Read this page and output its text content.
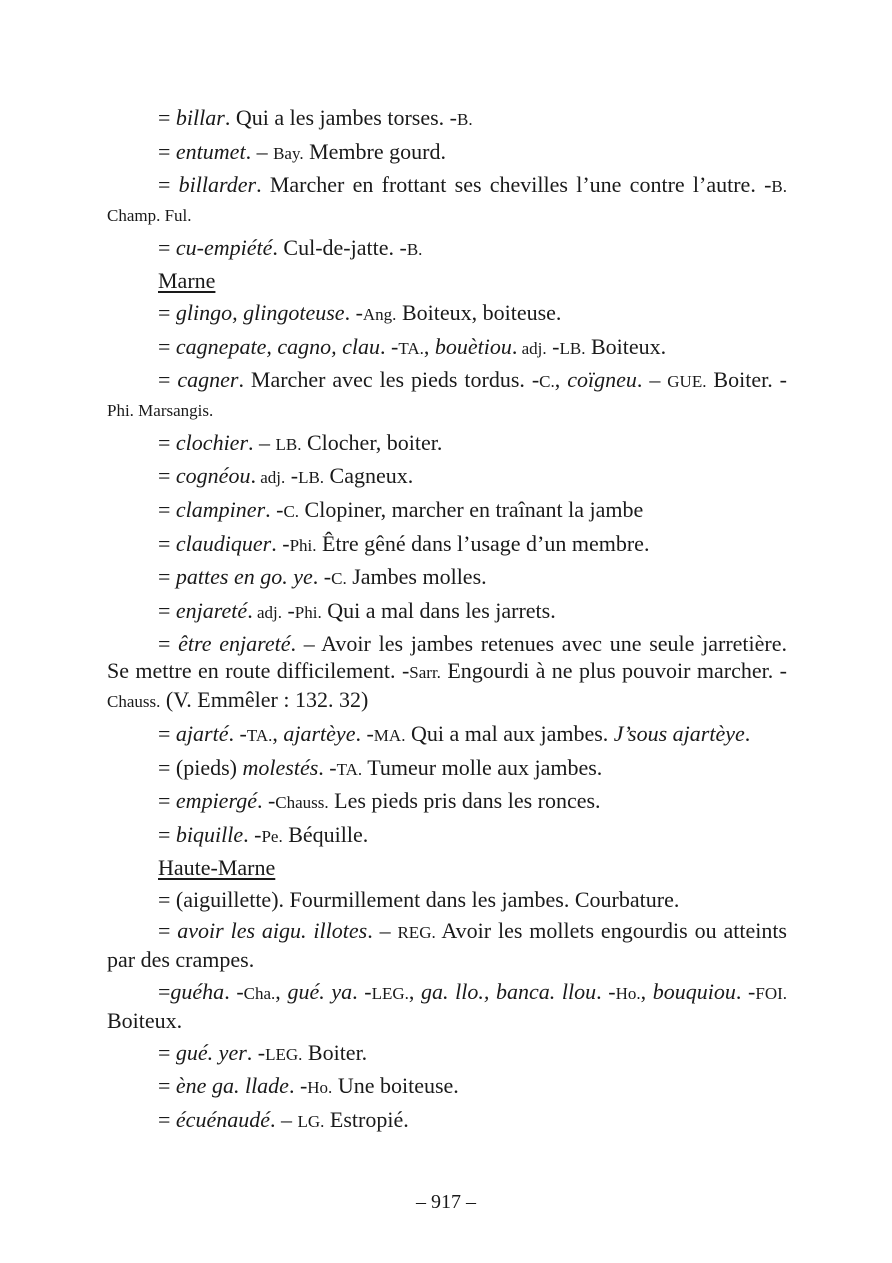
= billar. Qui a les jambes torses. -B.

= entumet. – Bay. Membre gourd.

= billarder. Marcher en frottant ses chevilles l’une contre l’autre. -B. Champ. Ful.

= cu-empiété. Cul-de-jatte. -B.

Marne

= glingo, glingoteuse. -Ang. Boiteux, boiteuse.

= cagnepate, cagno, clau. -TA., bouètiou. adj. -LB. Boiteux.

= cagner. Marcher avec les pieds tordus. -C., coïgneu. – GUE. Boiter. -Phi. Marsangis.

= clochier. – LB. Clocher, boiter.

= cognéou. adj. -LB. Cagneux.

= clampiner. -C. Clopiner, marcher en traînant la jambe

= claudiquer. -Phi. Être gêné dans l’usage d’un membre.

= pattes en go. ye. -C. Jambes molles.

= enjareté. adj. -Phi. Qui a mal dans les jarrets.

= être enjareté. – Avoir les jambes retenues avec une seule jarretière. Se mettre en route difficilement. -Sarr. Engourdi à ne plus pouvoir marcher. -Chauss. (V. Emmêler : 132. 32)

= ajarté. -TA., ajartèye. -MA. Qui a mal aux jambes. J’sous ajartèye.

= (pieds) molestés. -TA. Tumeur molle aux jambes.

= empiergé. -Chauss. Les pieds pris dans les ronces.

= biquille. -Pe. Béquille.

Haute-Marne

= (aiguillette). Fourmillement dans les jambes. Courbature.

= avoir les aigu. illotes. – REG. Avoir les mollets engourdis ou atteints par des crampes.

=guéha. -Cha., gué. ya. -LEG., ga. llo., banca. llou. -Ho., bouquiou. -FOI. Boiteux.

= gué. yer. -LEG. Boiter.

= ène ga. llade. -Ho. Une boiteuse.

= écuénaudé. – LG. Estropié.

– 917 –
